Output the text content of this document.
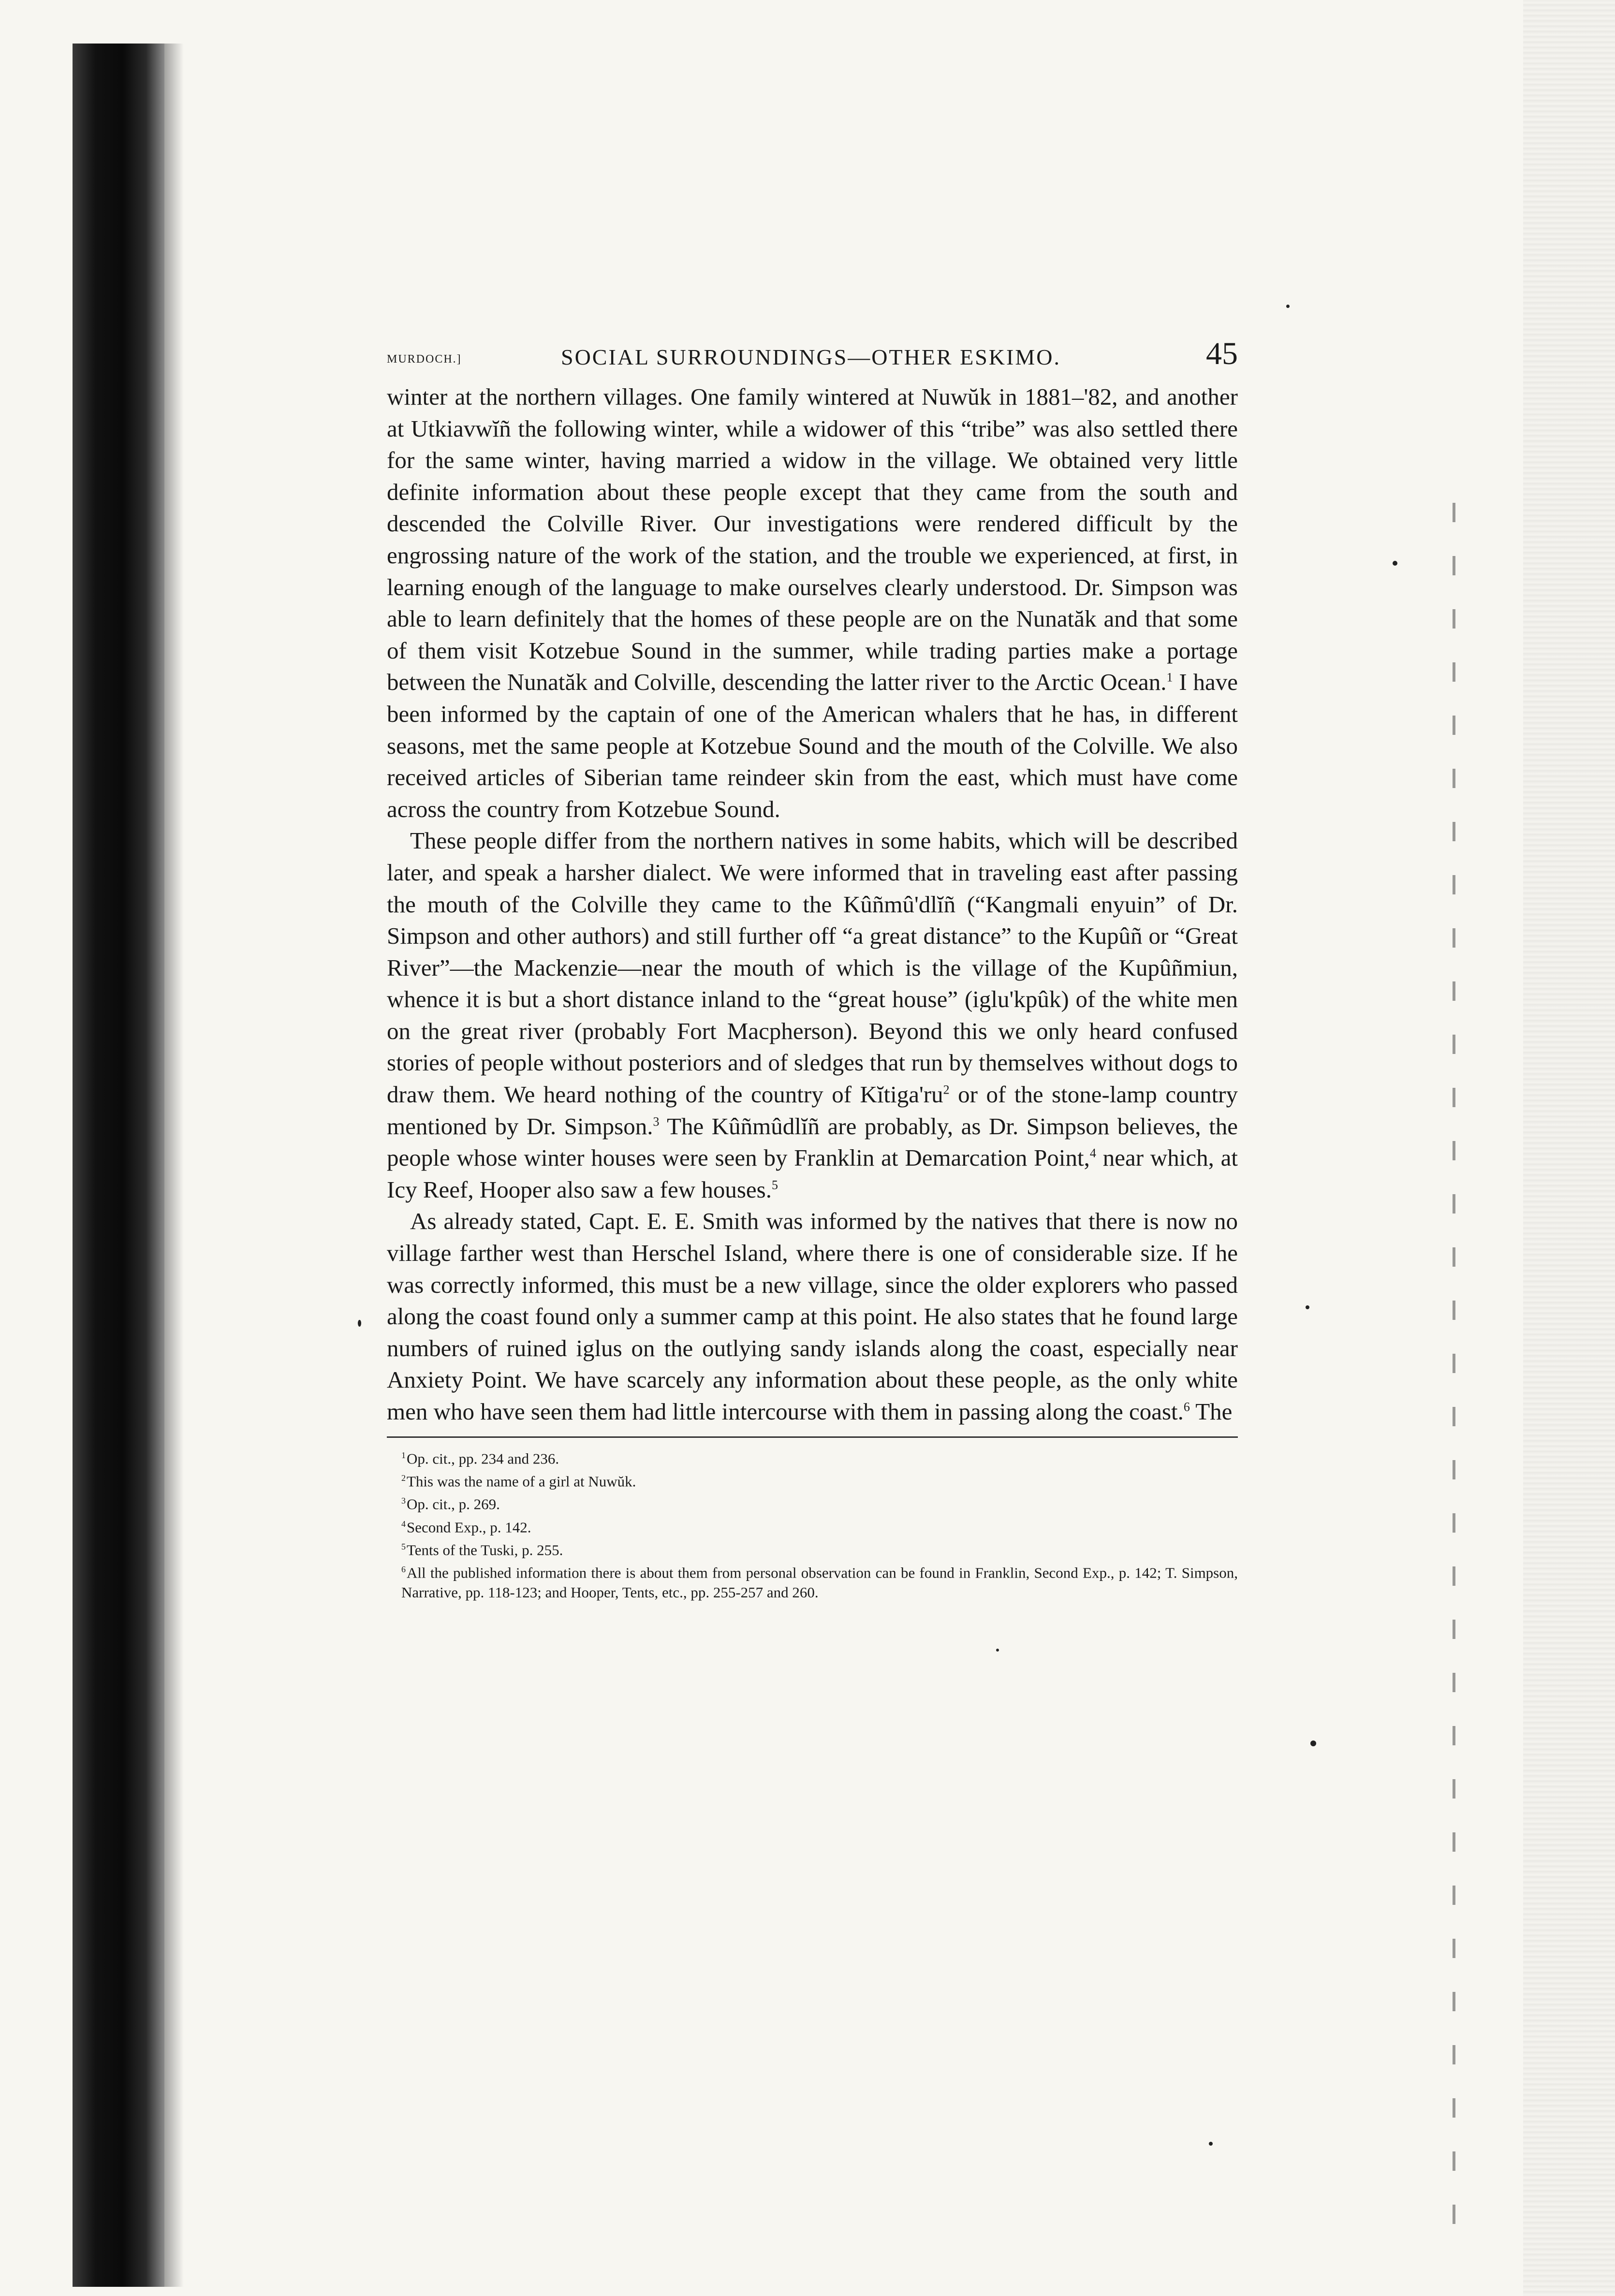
MURDOCH.]	SOCIAL SURROUNDINGS—OTHER ESKIMO.	45

winter at the northern villages. One family wintered at Nuwŭk in 1881–'82, and another at Utkiavwĭñ the following winter, while a widower of this “tribe” was also settled there for the same winter, having married a widow in the village. We obtained very little definite information about these people except that they came from the south and descended the Colville River. Our investigations were rendered difficult by the engrossing nature of the work of the station, and the trouble we experienced, at first, in learning enough of the language to make ourselves clearly understood. Dr. Simpson was able to learn definitely that the homes of these people are on the Nunatăk and that some of them visit Kotzebue Sound in the summer, while trading parties make a portage between the Nunatăk and Colville, descending the latter river to the Arctic Ocean.$^1$ I have been informed by the captain of one of the American whalers that he has, in different seasons, met the same people at Kotzebue Sound and the mouth of the Colville. We also received articles of Siberian tame reindeer skin from the east, which must have come across the country from Kotzebue Sound.

These people differ from the northern natives in some habits, which will be described later, and speak a harsher dialect. We were informed that in traveling east after passing the mouth of the Colville they came to the Kûñmû'dlĭñ (“Kangmali enyuin” of Dr. Simpson and other authors) and still further off “a great distance” to the Kupûñ or “Great River”—the Mackenzie—near the mouth of which is the village of the Kupûñmiun, whence it is but a short distance inland to the “great house” (iglu'kpûk) of the white men on the great river (probably Fort Macpherson). Beyond this we only heard confused stories of people without posteriors and of sledges that run by themselves without dogs to draw them. We heard nothing of the country of $Kĭtiga'ru^2$ or of the stone-lamp country mentioned by Dr. Simpson.$^3$ The Kûñmûdlĭñ are probably, as Dr. Simpson believes, the people whose winter houses were seen by Franklin at Demarcation Point,$^4$ near which, at Icy Reef, Hooper also saw a few houses.$^5$

As already stated, Capt. E. E. Smith was informed by the natives that there is now no village farther west than Herschel Island, where there is one of considerable size. If he was correctly informed, this must be a new village, since the older explorers who passed along the coast found only a summer camp at this point. He also states that he found large numbers of ruined iglus on the outlying sandy islands along the coast, especially near Anxiety Point. We have scarcely any information about these people, as the only white men who have seen them had little intercourse with them in passing along the coast.$^6$ The

$^1$Op. cit., pp. 234 and 236.

$^2$This was the name of a girl at Nuwŭk.

$^3$Op. cit., p. 269.

$^4$Second Exp., p. 142.

$^5$Tents of the Tuski, p. 255.

$^6$All the published information there is about them from personal observation can be found in Franklin, Second Exp., p. 142; T. Simpson, Narrative, pp. 118-123; and Hooper, Tents, etc., pp. 255-257 and 260.
